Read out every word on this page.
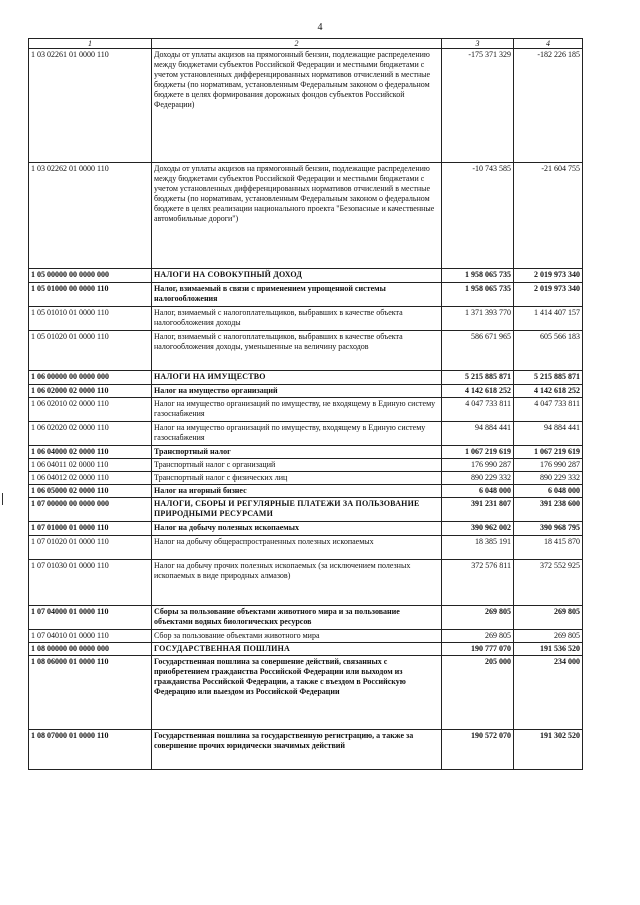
4
1	2	3	4
1 03 02261 01 0000 110	Доходы от уплаты акцизов на прямогонный бензин, подлежащие распределению между бюджетами субъектов Российской Федерации и местными бюджетами с учетом установленных дифференцированных нормативов отчислений в местные бюджеты (по нормативам, установленным Федеральным законом о федеральном бюджете в целях формирования дорожных фондов субъектов Российской Федерации)	-175 371 329	-182 226 185
1 03 02262 01 0000 110	Доходы от уплаты акцизов на прямогонный бензин, подлежащие распределению между бюджетами субъектов Российской Федерации и местными бюджетами с учетом установленных дифференцированных нормативов отчислений в местные бюджеты (по нормативам, установленным Федеральным законом о федеральном бюджете в целях реализации национального проекта "Безопасные и качественные автомобильные дороги")	-10 743 585	-21 604 755
1 05 00000 00 0000 000	НАЛОГИ НА СОВОКУПНЫЙ ДОХОД	1 958 065 735	2 019 973 340
1 05 01000 00 0000 110	Налог, взимаемый в связи с применением упрощенной системы налогообложения	1 958 065 735	2 019 973 340
1 05 01010 01 0000 110	Налог, взимаемый с налогоплательщиков, выбравших в качестве объекта налогообложения доходы	1 371 393 770	1 414 407 157
1 05 01020 01 0000 110	Налог, взимаемый с налогоплательщиков, выбравших в качестве объекта налогообложения доходы, уменьшенные на величину расходов	586 671 965	605 566 183
1 06 00000 00 0000 000	НАЛОГИ НА ИМУЩЕСТВО	5 215 885 871	5 215 885 871
1 06 02000 02 0000 110	Налог на имущество организаций	4 142 618 252	4 142 618 252
1 06 02010 02 0000 110	Налог на имущество организаций по имуществу, не входящему в Единую систему газоснабжения	4 047 733 811	4 047 733 811
1 06 02020 02 0000 110	Налог на имущество организаций по имуществу, входящему в Единую систему газоснабжения	94 884 441	94 884 441
1 06 04000 02 0000 110	Транспортный налог	1 067 219 619	1 067 219 619
1 06 04011 02 0000 110	Транспортный налог с организаций	176 990 287	176 990 287
1 06 04012 02 0000 110	Транспортный налог с физических лиц	890 229 332	890 229 332
1 06 05000 02 0000 110	Налог на игорный бизнес	6 048 000	6 048 000
1 07 00000 00 0000 000	НАЛОГИ, СБОРЫ И РЕГУЛЯРНЫЕ ПЛАТЕЖИ ЗА ПОЛЬЗОВАНИЕ ПРИРОДНЫМИ РЕСУРСАМИ	391 231 807	391 238 600
1 07 01000 01 0000 110	Налог на добычу полезных ископаемых	390 962 002	390 968 795
1 07 01020 01 0000 110	Налог на добычу общераспространенных полезных ископаемых	18 385 191	18 415 870
1 07 01030 01 0000 110	Налог на добычу прочих полезных ископаемых (за исключением полезных ископаемых в виде природных алмазов)	372 576 811	372 552 925
1 07 04000 01 0000 110	Сборы за пользование объектами животного мира и за пользование объектами водных биологических ресурсов	269 805	269 805
1 07 04010 01 0000 110	Сбор за пользование объектами животного мира	269 805	269 805
1 08 00000 00 0000 000	ГОСУДАРСТВЕННАЯ ПОШЛИНА	190 777 070	191 536 520
1 08 06000 01 0000 110	Государственная пошлина за совершение действий, связанных с приобретением гражданства Российской Федерации или выходом из гражданства Российской Федерации, а также с въездом в Российскую Федерацию или выездом из Российской Федерации	205 000	234 000
1 08 07000 01 0000 110	Государственная пошлина за государственную регистрацию, а также за совершение прочих юридически значимых действий	190 572 070	191 302 520
